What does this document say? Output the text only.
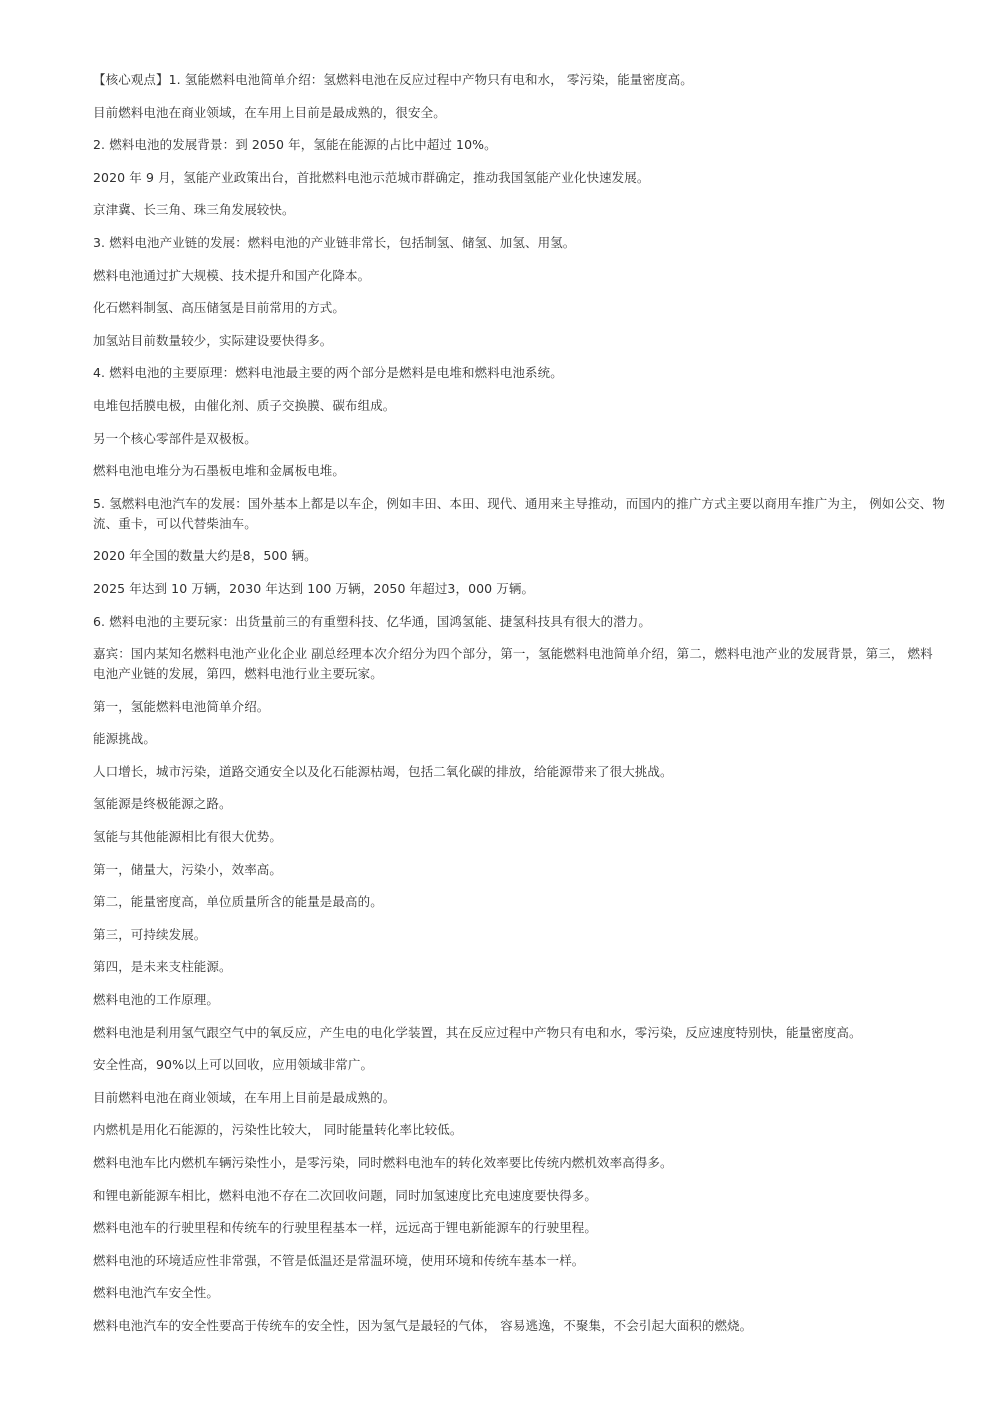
【核心观点】1. 氢能燃料电池简单介绍：氢燃料电池在反应过程中产物只有电和水， 零污染，能量密度高。

目前燃料电池在商业领域，在车用上目前是最成熟的，很安全。

2. 燃料电池的发展背景：到 2050 年，氢能在能源的占比中超过 10%。

2020 年 9 月，氢能产业政策出台，首批燃料电池示范城市群确定，推动我国氢能产业化快速发展。

京津冀、长三角、珠三角发展较快。

3. 燃料电池产业链的发展：燃料电池的产业链非常长，包括制氢、储氢、加氢、用氢。

燃料电池通过扩大规模、技术提升和国产化降本。

化石燃料制氢、高压储氢是目前常用的方式。

加氢站目前数量较少，实际建设要快得多。

4. 燃料电池的主要原理：燃料电池最主要的两个部分是燃料是电堆和燃料电池系统。

电堆包括膜电极，由催化剂、质子交换膜、碳布组成。

另一个核心零部件是双极板。

燃料电池电堆分为石墨板电堆和金属板电堆。

5. 氢燃料电池汽车的发展：国外基本上都是以车企，例如丰田、本田、现代、通用来主导推动，而国内的推广方式主要以商用车推广为主， 例如公交、物流、重卡，可以代替柴油车。

2020 年全国的数量大约是8，500 辆。

2025 年达到 10 万辆，2030 年达到 100 万辆，2050 年超过3，000 万辆。

6. 燃料电池的主要玩家：出货量前三的有重塑科技、亿华通，国鸿氢能、捷氢科技具有很大的潜力。

嘉宾：国内某知名燃料电池产业化企业 副总经理本次介绍分为四个部分，第一，氢能燃料电池简单介绍，第二，燃料电池产业的发展背景，第三， 燃料电池产业链的发展，第四，燃料电池行业主要玩家。

第一，氢能燃料电池简单介绍。

能源挑战。

人口增长，城市污染，道路交通安全以及化石能源枯竭，包括二氧化碳的排放，给能源带来了很大挑战。

氢能源是终极能源之路。

氢能与其他能源相比有很大优势。

第一，储量大，污染小，效率高。

第二，能量密度高，单位质量所含的能量是最高的。

第三，可持续发展。

第四，是未来支柱能源。

燃料电池的工作原理。

燃料电池是利用氢气跟空气中的氧反应，产生电的电化学装置，其在反应过程中产物只有电和水，零污染，反应速度特别快，能量密度高。

安全性高，90%以上可以回收，应用领域非常广。

目前燃料电池在商业领域，在车用上目前是最成熟的。

内燃机是用化石能源的，污染性比较大， 同时能量转化率比较低。

燃料电池车比内燃机车辆污染性小，是零污染，同时燃料电池车的转化效率要比传统内燃机效率高得多。

和锂电新能源车相比，燃料电池不存在二次回收问题，同时加氢速度比充电速度要快得多。

燃料电池车的行驶里程和传统车的行驶里程基本一样，远远高于锂电新能源车的行驶里程。

燃料电池的环境适应性非常强，不管是低温还是常温环境，使用环境和传统车基本一样。

燃料电池汽车安全性。

燃料电池汽车的安全性要高于传统车的安全性，因为氢气是最轻的气体， 容易逃逸，不聚集，不会引起大面积的燃烧。
